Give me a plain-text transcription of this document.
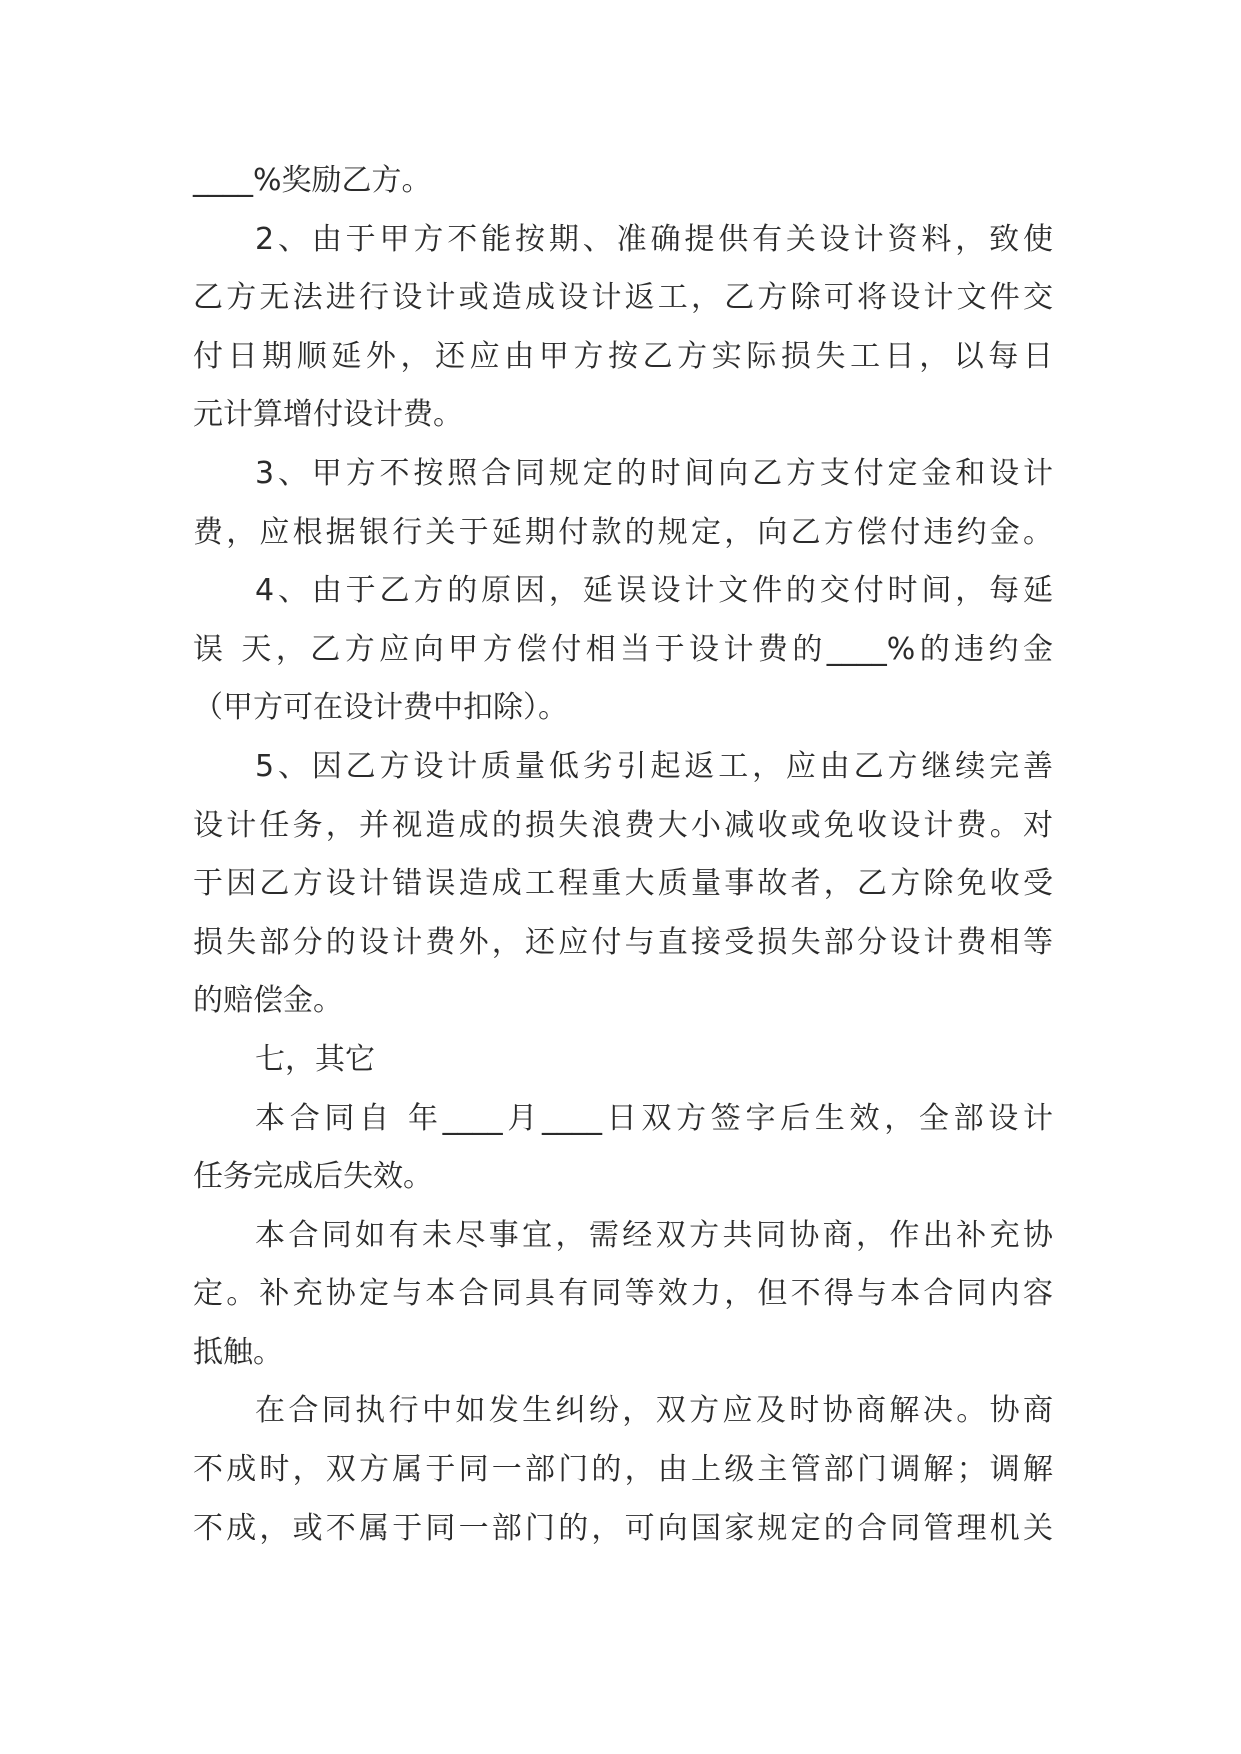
____%奖励乙方。
2、由于甲方不能按期、准确提供有关设计资料，致使
乙方无法进行设计或造成设计返工，乙方除可将设计文件交
付日期顺延外，还应由甲方按乙方实际损失工日，以每日
元计算增付设计费。
3、甲方不按照合同规定的时间向乙方支付定金和设计
费，应根据银行关于延期付款的规定，向乙方偿付违约金。
4、由于乙方的原因，延误设计文件的交付时间，每延
误 天，乙方应向甲方偿付相当于设计费的____%的违约金
（甲方可在设计费中扣除）。
5、因乙方设计质量低劣引起返工，应由乙方继续完善
设计任务，并视造成的损失浪费大小减收或免收设计费。对
于因乙方设计错误造成工程重大质量事故者，乙方除免收受
损失部分的设计费外，还应付与直接受损失部分设计费相等
的赔偿金。
七，其它
本合同自 年____月____日双方签字后生效，全部设计
任务完成后失效。
本合同如有未尽事宜，需经双方共同协商，作出补充协
定。补充协定与本合同具有同等效力，但不得与本合同内容
抵触。
在合同执行中如发生纠纷，双方应及时协商解决。协商
不成时，双方属于同一部门的，由上级主管部门调解；调解
不成，或不属于同一部门的，可向国家规定的合同管理机关
